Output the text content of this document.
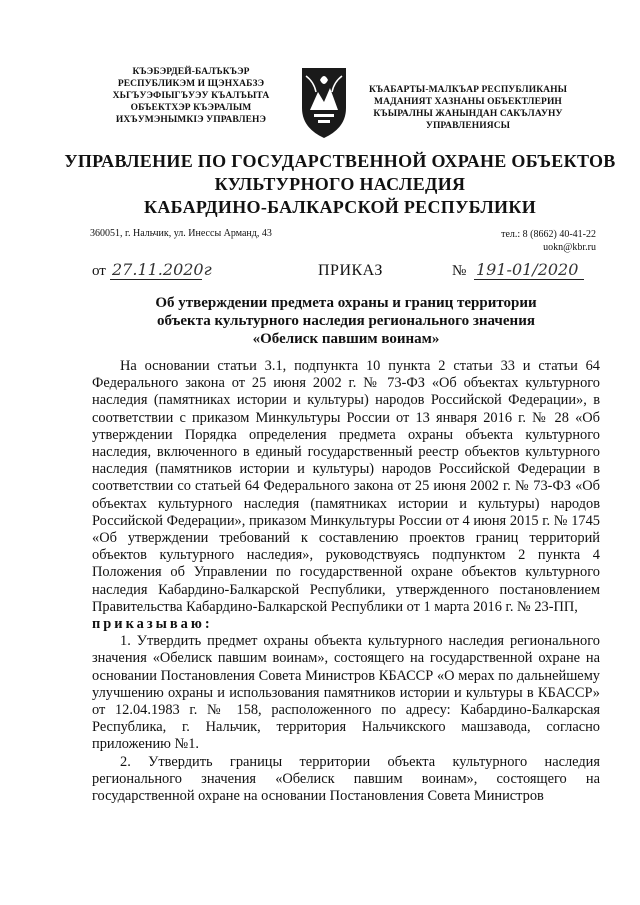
КЪЭБЭРДЕЙ-БАЛЪКЪЭР
РЕСПУБЛИКЭМ И ЩЭНХАБЗЭ
ХЬГЪУЭФIЫГЪУЭУ КЪАЛЪЫТА
ОБЪЕКТХЭР КЪЭРАЛЫМ
ИХЪУМЭНЫМКIЭ УПРАВЛЕНЭ
КЪАБАРТЫ-МАЛКЪАР РЕСПУБЛИКАНЫ
МАДАНИЯТ ХАЗНАНЫ ОБЪЕКТЛЕРИН
КЪЫРАЛНЫ ЖАНЫНДАН САКЪЛАУНУ
УПРАВЛЕНИЯСЫ
УПРАВЛЕНИЕ ПО ГОСУДАРСТВЕННОЙ ОХРАНЕ ОБЪЕКТОВ
КУЛЬТУРНОГО НАСЛЕДИЯ
КАБАРДИНО-БАЛКАРСКОЙ РЕСПУБЛИКИ
360051, г. Нальчик, ул. Инессы Арманд, 43	тел.: 8 (8662) 40-41-22
uokn@kbr.ru
от 27.11.2020г	ПРИКАЗ	№ 191-01/2020
Об утверждении предмета охраны и границ территории
объекта культурного наследия регионального значения
«Обелиск павшим воинам»

На основании статьи 3.1, подпункта 10 пункта 2 статьи 33 и статьи 64 Федерального закона от 25 июня 2002 г. № 73-ФЗ «Об объектах культурного наследия (памятниках истории и культуры) народов Российской Федерации», в соответствии с приказом Минкультуры России от 13 января 2016 г. № 28 «Об утверждении Порядка определения предмета охраны объекта культурного наследия, включенного в единый государственный реестр объектов культурного наследия (памятников истории и культуры) народов Российской Федерации в соответствии со статьей 64 Федерального закона от 25 июня 2002 г. № 73-ФЗ «Об объектах культурного наследия (памятниках истории и культуры) народов Российской Федерации», приказом Минкультуры России от 4 июня 2015 г. № 1745 «Об утверждении требований к составлению проектов границ территорий объектов культурного наследия», руководствуясь подпунктом 2 пункта 4 Положения об Управлении по государственной охране объектов культурного наследия Кабардино-Балкарской Республики, утвержденного постановлением Правительства Кабардино-Балкарской Республики от 1 марта 2016 г. № 23-ПП,

приказываю:

1. Утвердить предмет охраны объекта культурного наследия регионального значения «Обелиск павшим воинам», состоящего на государственной охране на основании Постановления Совета Министров КБАССР «О мерах по дальнейшему улучшению охраны и использования памятников истории и культуры в КБАССР» от 12.04.1983 г. № 158, расположенного по адресу: Кабардино-Балкарская Республика, г. Нальчик, территория Нальчикского машзавода, согласно приложению №1.

2. Утвердить границы территории объекта культурного наследия регионального значения «Обелиск павшим воинам», состоящего на государственной охране на основании Постановления Совета Министров
